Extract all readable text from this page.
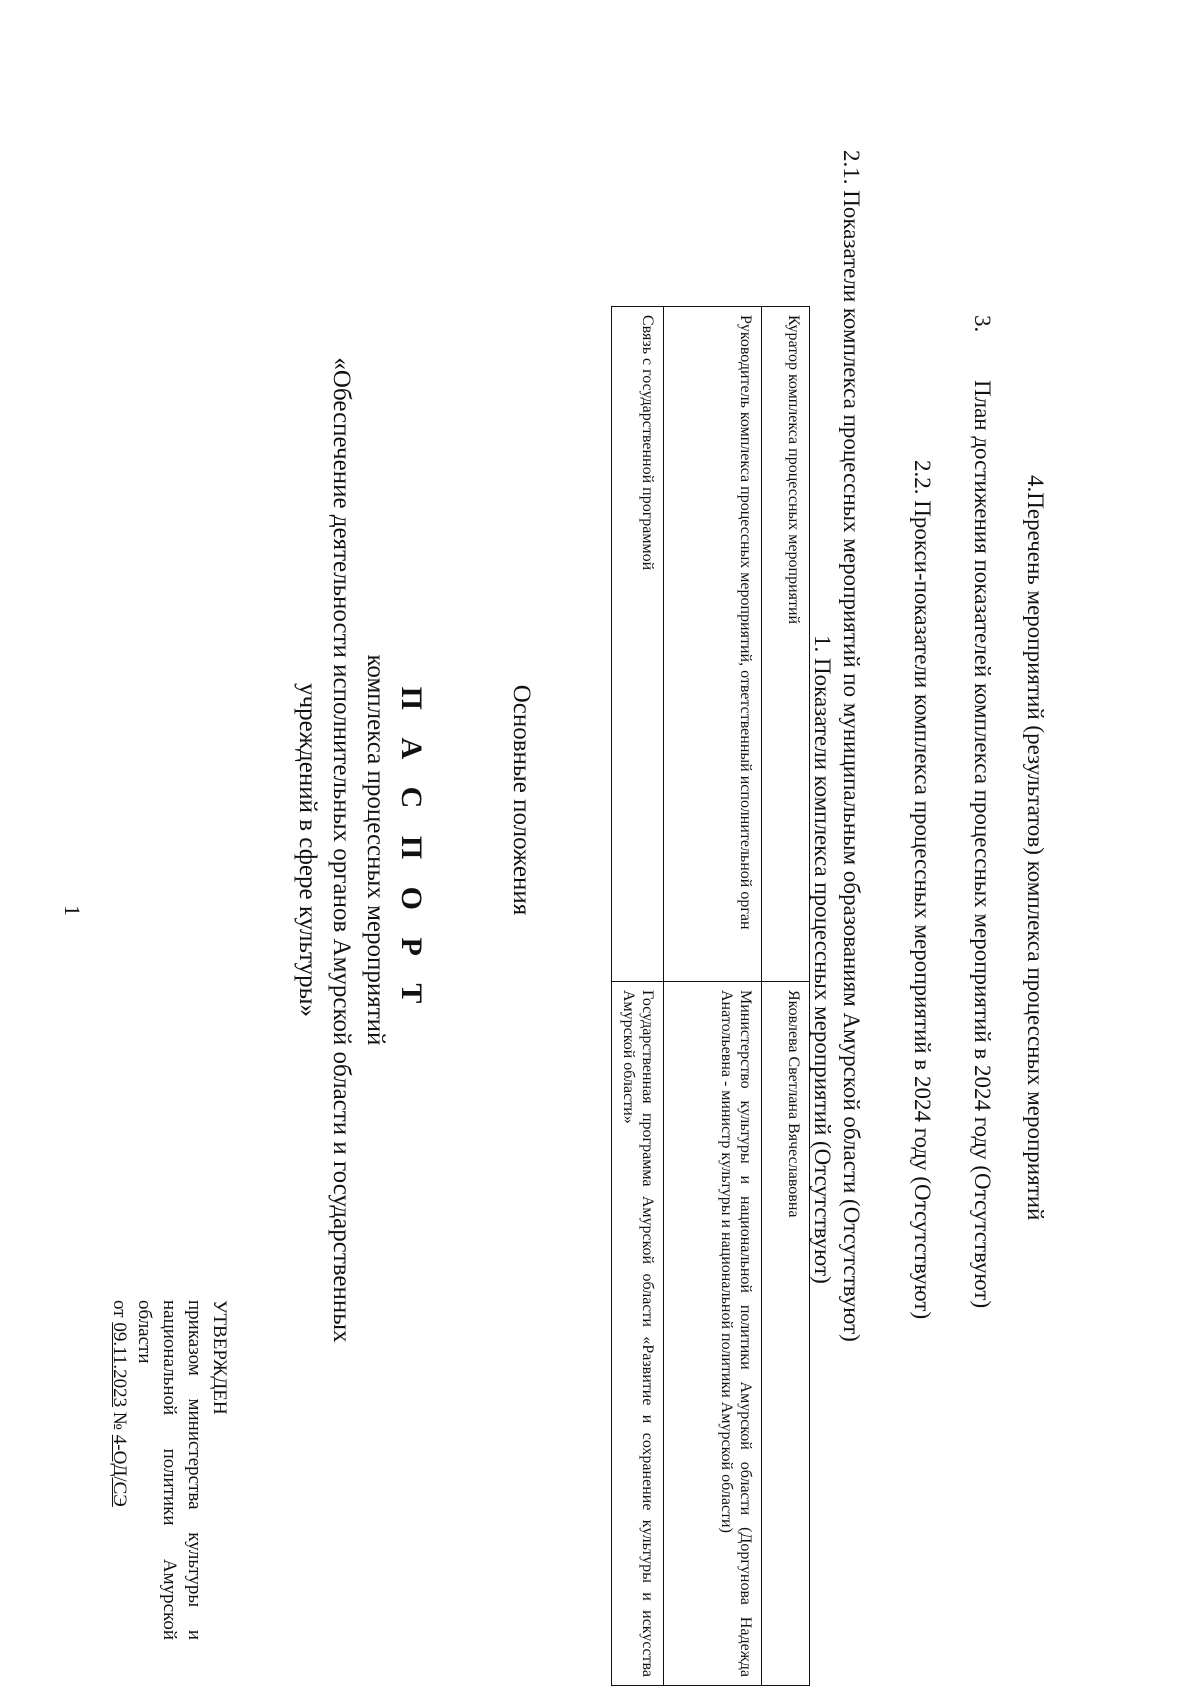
1
УТВЕРЖДЕН
приказом министерства культуры и
национальной политики Амурской
области
от 09.11.2023 № 4-ОД/СЭ
П А С П О Р Т
комплекса процессных мероприятий
«Обеспечение деятельности исполнительных органов Амурской области и государственных
учреждений в сфере культуры»	Основные положения
Куратор комплекса процессных мероприятий	Яковлева Светлана Вячеславовна
Руководитель комплекса процессных мероприятий, ответственный исполнительной орган	Министерство культуры и национальной политики Амурской области (Доргунова Надежда Анатольевна - министр культуры и национальной политики Амурской области)
Связь с государственной программой	Государственная программа Амурской области «Развитие и сохранение культуры и искусства Амурской области»	1. Показатели комплекса процессных мероприятий (Отсутствуют) 2.1. Показатели комплекса процессных мероприятий по муниципальным образованиям Амурской области (Отсутствуют) 2.2. Прокси-показатели комплекса процессных мероприятий в 2024 году (Отсутствуют)
3.
План достижения показателей комплекса процессных мероприятий в 2024 году (Отсутствуют) 4.Перечень мероприятий (результатов) комплекса процессных мероприятий
